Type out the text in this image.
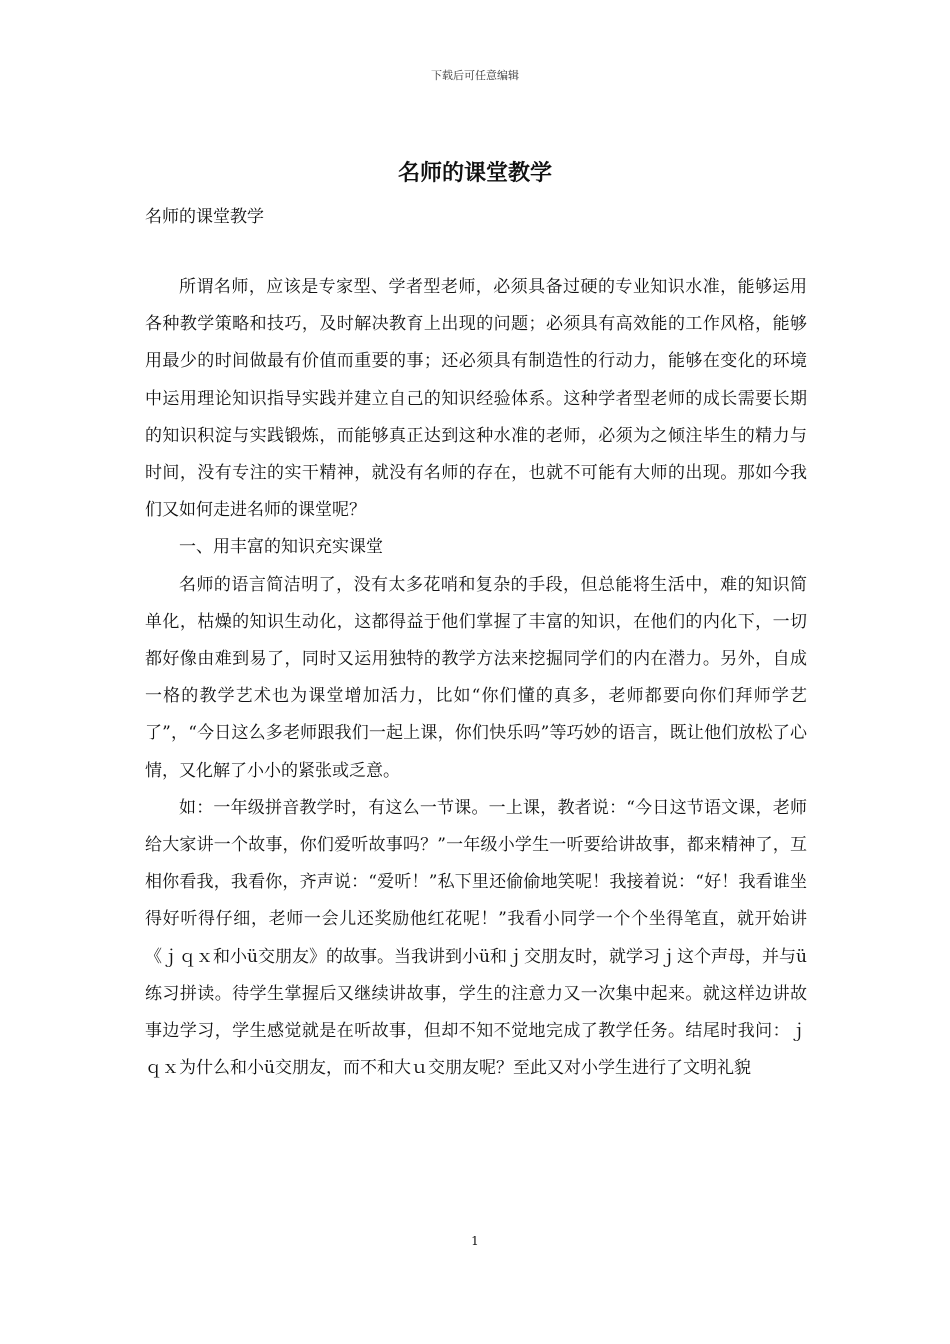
下载后可任意编辑
名师的课堂教学
名师的课堂教学

所谓名师，应该是专家型、学者型老师，必须具备过硬的专业知识水准，能够运用各种教学策略和技巧，及时解决教育上出现的问题；必须具有高效能的工作风格，能够用最少的时间做最有价值而重要的事；还必须具有制造性的行动力，能够在变化的环境中运用理论知识指导实践并建立自己的知识经验体系。这种学者型老师的成长需要长期的知识积淀与实践锻炼，而能够真正达到这种水准的老师，必须为之倾注毕生的精力与时间，没有专注的实干精神，就没有名师的存在，也就不可能有大师的出现。那如今我们又如何走进名师的课堂呢？

一、用丰富的知识充实课堂

名师的语言简洁明了，没有太多花哨和复杂的手段，但总能将生活中，难的知识简单化，枯燥的知识生动化，这都得益于他们掌握了丰富的知识，在他们的内化下，一切都好像由难到易了，同时又运用独特的教学方法来挖掘同学们的内在潜力。另外，自成一格的教学艺术也为课堂增加活力，比如“你们懂的真多，老师都要向你们拜师学艺了”，“今日这么多老师跟我们一起上课，你们快乐吗”等巧妙的语言，既让他们放松了心情，又化解了小小的紧张或乏意。

如：一年级拼音教学时，有这么一节课。一上课，教者说：“今日这节语文课，老师给大家讲一个故事，你们爱听故事吗？”一年级小学生一听要给讲故事，都来精神了，互相你看我，我看你，齐声说：“爱听！”私下里还偷偷地笑呢！我接着说：“好！我看谁坐得好听得仔细，老师一会儿还奖励他红花呢！”我看小同学一个个坐得笔直，就开始讲《ｊｑｘ和小ü交朋友》的故事。当我讲到小ü和ｊ交朋友时，就学习ｊ这个声母，并与ü练习拼读。待学生掌握后又继续讲故事，学生的注意力又一次集中起来。就这样边讲故事边学习，学生感觉就是在听故事，但却不知不觉地完成了教学任务。结尾时我问：ｊｑｘ为什么和小ü交朋友，而不和大ｕ交朋友呢？至此又对小学生进行了文明礼貌

1
